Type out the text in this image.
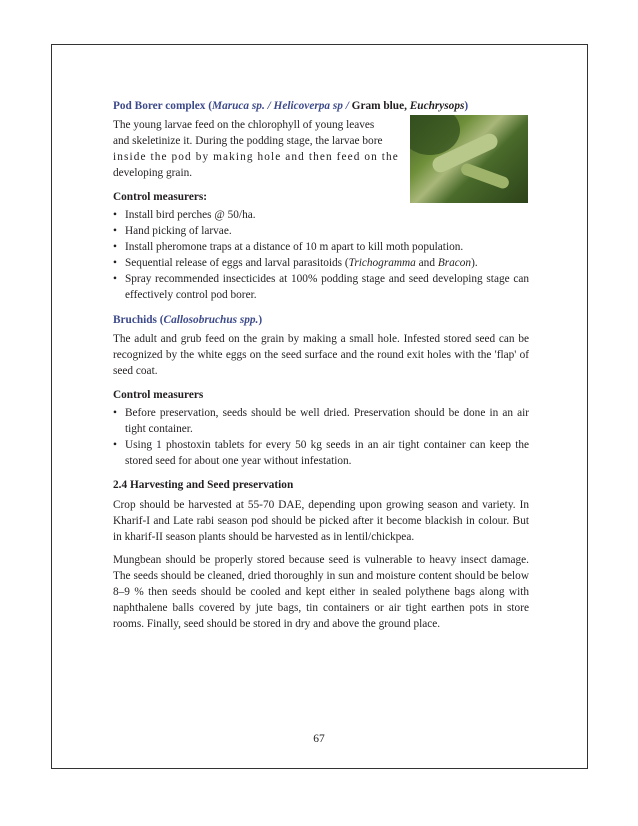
Pod Borer complex (Maruca sp. / Helicoverpa sp / Gram blue, Euchrysops)

The young larvae feed on the chlorophyll of young leaves
and skeletinize it. During the podding stage, the larvae bore
inside the pod by making hole and then feed on the
developing grain.

Control measurers:

• Install bird perches @ 50/ha.
• Hand picking of larvae.
• Install pheromone traps at a distance of 10 m apart to kill moth population.
• Sequential release of eggs and larval parasitoids (Trichogramma and Bracon).
• Spray recommended insecticides at 100% podding stage and seed developing stage can effectively control pod borer.

Bruchids (Callosobruchus spp.)

The adult and grub feed on the grain by making a small hole. Infested stored seed can be recognized by the white eggs on the seed surface and the round exit holes with the 'flap' of seed coat.

Control measurers

• Before preservation, seeds should be well dried. Preservation should be done in an air tight container.
• Using 1 phostoxin tablets for every 50 kg seeds in an air tight container can keep the stored seed for about one year without infestation.

2.4 Harvesting and Seed preservation

Crop should be harvested at 55-70 DAE, depending upon growing season and variety. In Kharif-I and Late rabi season pod should be picked after it become blackish in colour. But in kharif-II season plants should be harvested as in lentil/chickpea.

Mungbean should be properly stored because seed is vulnerable to heavy insect damage. The seeds should be cleaned, dried thoroughly in sun and moisture content should be below 8–9 % then seeds should be cooled and kept either in sealed polythene bags along with naphthalene balls covered by jute bags, tin containers or air tight earthen pots in store rooms. Finally, seed should be stored in dry and above the ground place.

67
